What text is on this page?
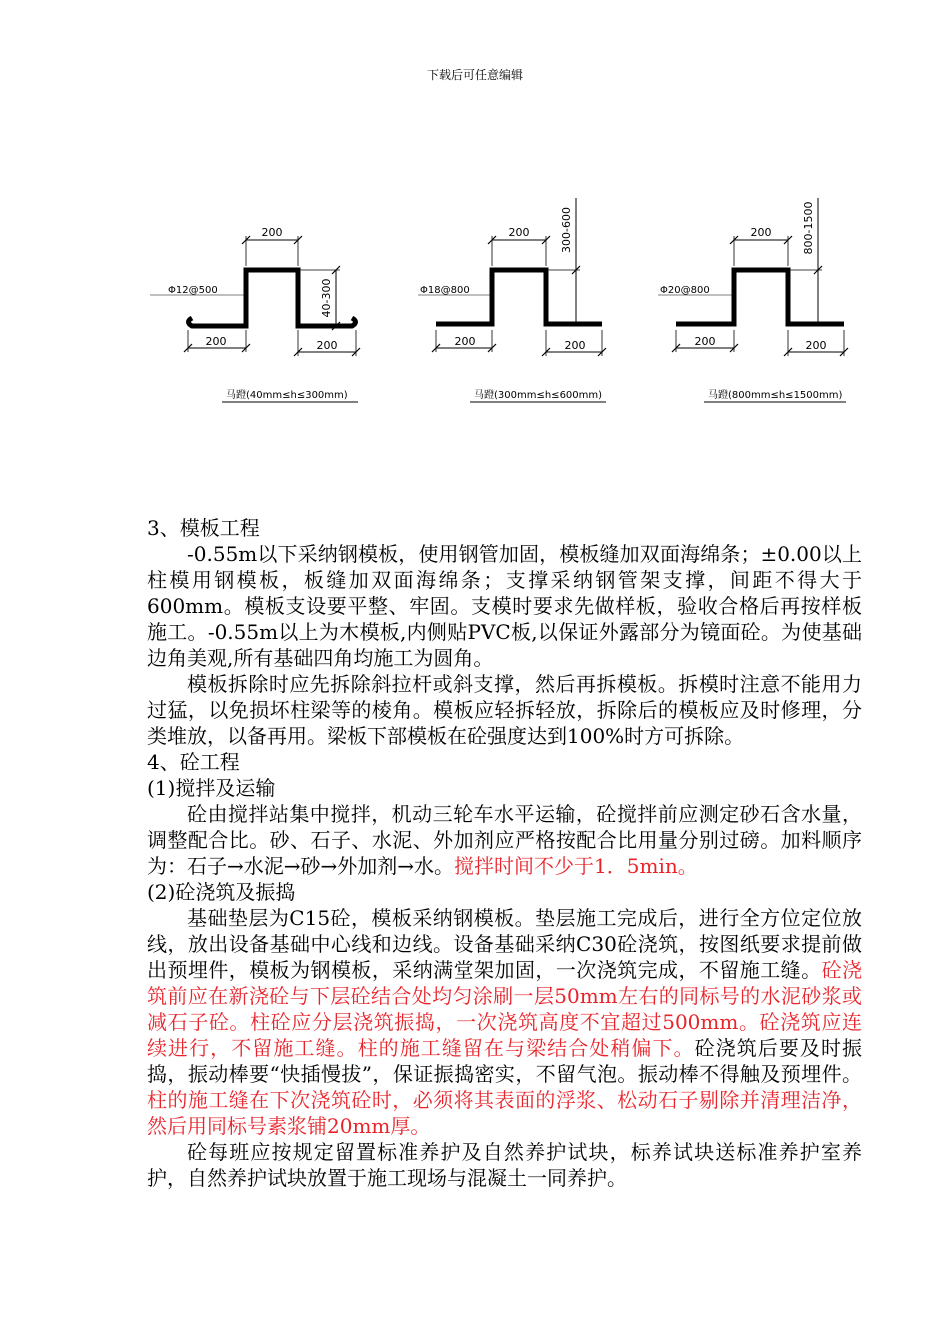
下载后可任意编辑
200
40-300
Φ12@500
200	200
马蹬(40mm≤h≤300mm)
200	300-600
Φ18@800
200	200
马蹬(300mm≤h≤600mm)
200	800-1500
Φ20@800
200	200
马蹬(800mm≤h≤1500mm)

3、模板工程

-0.55m以下采纳钢模板，使用钢管加固，模板缝加双面海绵条；±0.00以上柱模用钢模板，板缝加双面海绵条；支撑采纳钢管架支撑，间距不得大于600mm。模板支设要平整、牢固。支模时要求先做样板，验收合格后再按样板施工。-0.55m以上为木模板,内侧贴PVC板,以保证外露部分为镜面砼。为使基础边角美观,所有基础四角均施工为圆角。

模板拆除时应先拆除斜拉杆或斜支撑，然后再拆模板。拆模时注意不能用力过猛，以免损坏柱梁等的棱角。模板应轻拆轻放，拆除后的模板应及时修理，分类堆放，以备再用。梁板下部模板在砼强度达到100%时方可拆除。

4、砼工程

(1)搅拌及运输

砼由搅拌站集中搅拌，机动三轮车水平运输，砼搅拌前应测定砂石含水量，调整配合比。砂、石子、水泥、外加剂应严格按配合比用量分别过磅。加料顺序为：石子→水泥→砂→外加剂→水。搅拌时间不少于1．5min。

(2)砼浇筑及振捣

基础垫层为C15砼，模板采纳钢模板。垫层施工完成后，进行全方位定位放线，放出设备基础中心线和边线。设备基础采纳C30砼浇筑，按图纸要求提前做出预埋件，模板为钢模板，采纳满堂架加固，一次浇筑完成，不留施工缝。砼浇筑前应在新浇砼与下层砼结合处均匀涂刷一层50mm左右的同标号的水泥砂浆或减石子砼。柱砼应分层浇筑振捣，一次浇筑高度不宜超过500mm。砼浇筑应连续进行，不留施工缝。柱的施工缝留在与梁结合处稍偏下。砼浇筑后要及时振捣，振动棒要“快插慢拔”，保证振捣密实，不留气泡。振动棒不得触及预埋件。柱的施工缝在下次浇筑砼时，必须将其表面的浮浆、松动石子剔除并清理洁净，然后用同标号素浆铺20mm厚。

砼每班应按规定留置标准养护及自然养护试块，标养试块送标准养护室养护，自然养护试块放置于施工现场与混凝土一同养护。
